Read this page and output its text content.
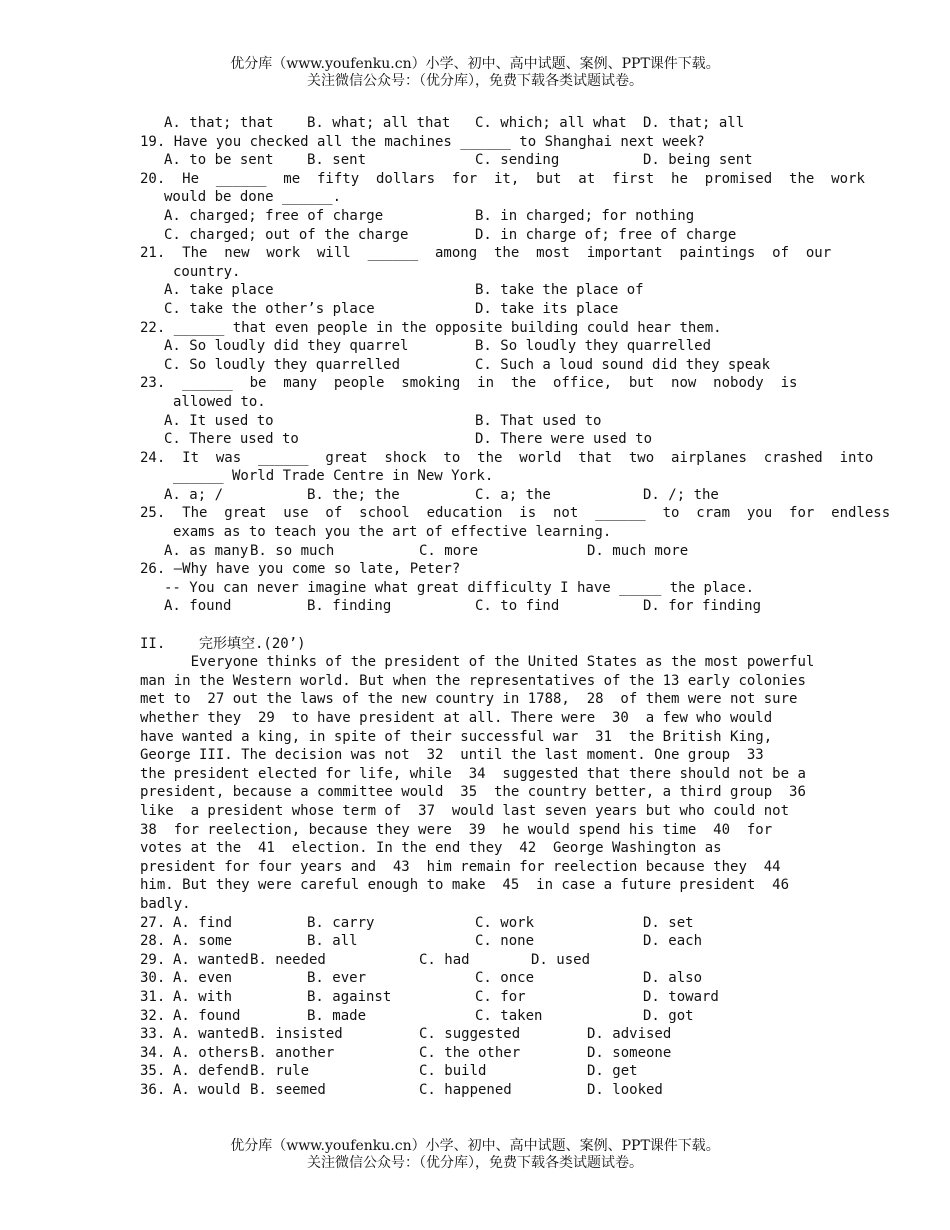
优分库（www.youfenku.cn）小学、初中、高中试题、案例、PPT课件下载。
关注微信公众号：（优分库），免费下载各类试题试卷。
A. that; that B. what; all that C. which; all what D. that; all
19. Have you checked all the machines ______ to Shanghai next week?
A. to be sent B. sent	C. sending	D. being sent
20.  He  ______  me  fifty  dollars  for  it,  but  at  first  he  promised  the  work
would be done ______.
A. charged; free of charge	B. in charged; for nothing
C. charged; out of the charge	D. in charge of; free of charge
21.  The  new  work  will  ______  among  the  most  important  paintings  of  our
country.
A. take place	B. take the place of
C. take the other’s place	D. take its place
22. ______ that even people in the opposite building could hear them.
A. So loudly did they quarrel	B. So loudly they quarrelled
C. So loudly they quarrelled	C. Such a loud sound did they speak
23.  ______  be  many  people  smoking  in  the  office,  but  now  nobody  is
allowed to.
A. It used to	B. That used to
C. There used to	D. There were used to
24.  It  was  ______  great  shock  to  the  world  that  two  airplanes  crashed  into
______ World Trade Centre in New York.
A. a; /	B. the; the	C. a; the	D. /; the
25.  The  great  use  of  school  education  is  not  ______  to  cram  you  for  endless
exams as to teach you the art of effective learning.
A. as many B. so much	C. more	D. much more
26. –Why have you come so late, Peter?
-- You can never imagine what great difficulty I have _____ the place.
A. found	B. finding	C. to find	D. for finding
II.    完形填空.(20’)
Everyone thinks of the president of the United States as the most powerful
man in the Western world. But when the representatives of the 13 early colonies
met to  27 out the laws of the new country in 1788,  28  of them were not sure
whether they  29  to have president at all. There were  30  a few who would
have wanted a king, in spite of their successful war  31  the British King,
George III. The decision was not  32  until the last moment. One group  33
the president elected for life, while  34  suggested that there should not be a
president, because a committee would  35  the country better, a third group  36
like  a president whose term of  37  would last seven years but who could not
38  for reelection, because they were  39  he would spend his time  40  for
votes at the  41  election. In the end they  42  George Washington as
president for four years and  43  him remain for reelection because they  44
him. But they were careful enough to make  45  in case a future president  46
badly.
27. A. find	B. carry	C. work	D. set
28. A. some	B. all	C. none	D. each
29. A. wanted B. needed	C. had	D. used
30. A. even	B. ever	C. once	D. also
31. A. with	B. against	C. for	D. toward
32. A. found	B. made	C. taken	D. got
33. A. wanted B. insisted	C. suggested	D. advised
34. A. others B. another	C. the other	D. someone
35. A. defend B. rule	C. build	D. get
36. A. would B. seemed	C. happened	D. looked
优分库（www.youfenku.cn）小学、初中、高中试题、案例、PPT课件下载。
关注微信公众号：（优分库），免费下载各类试题试卷。
